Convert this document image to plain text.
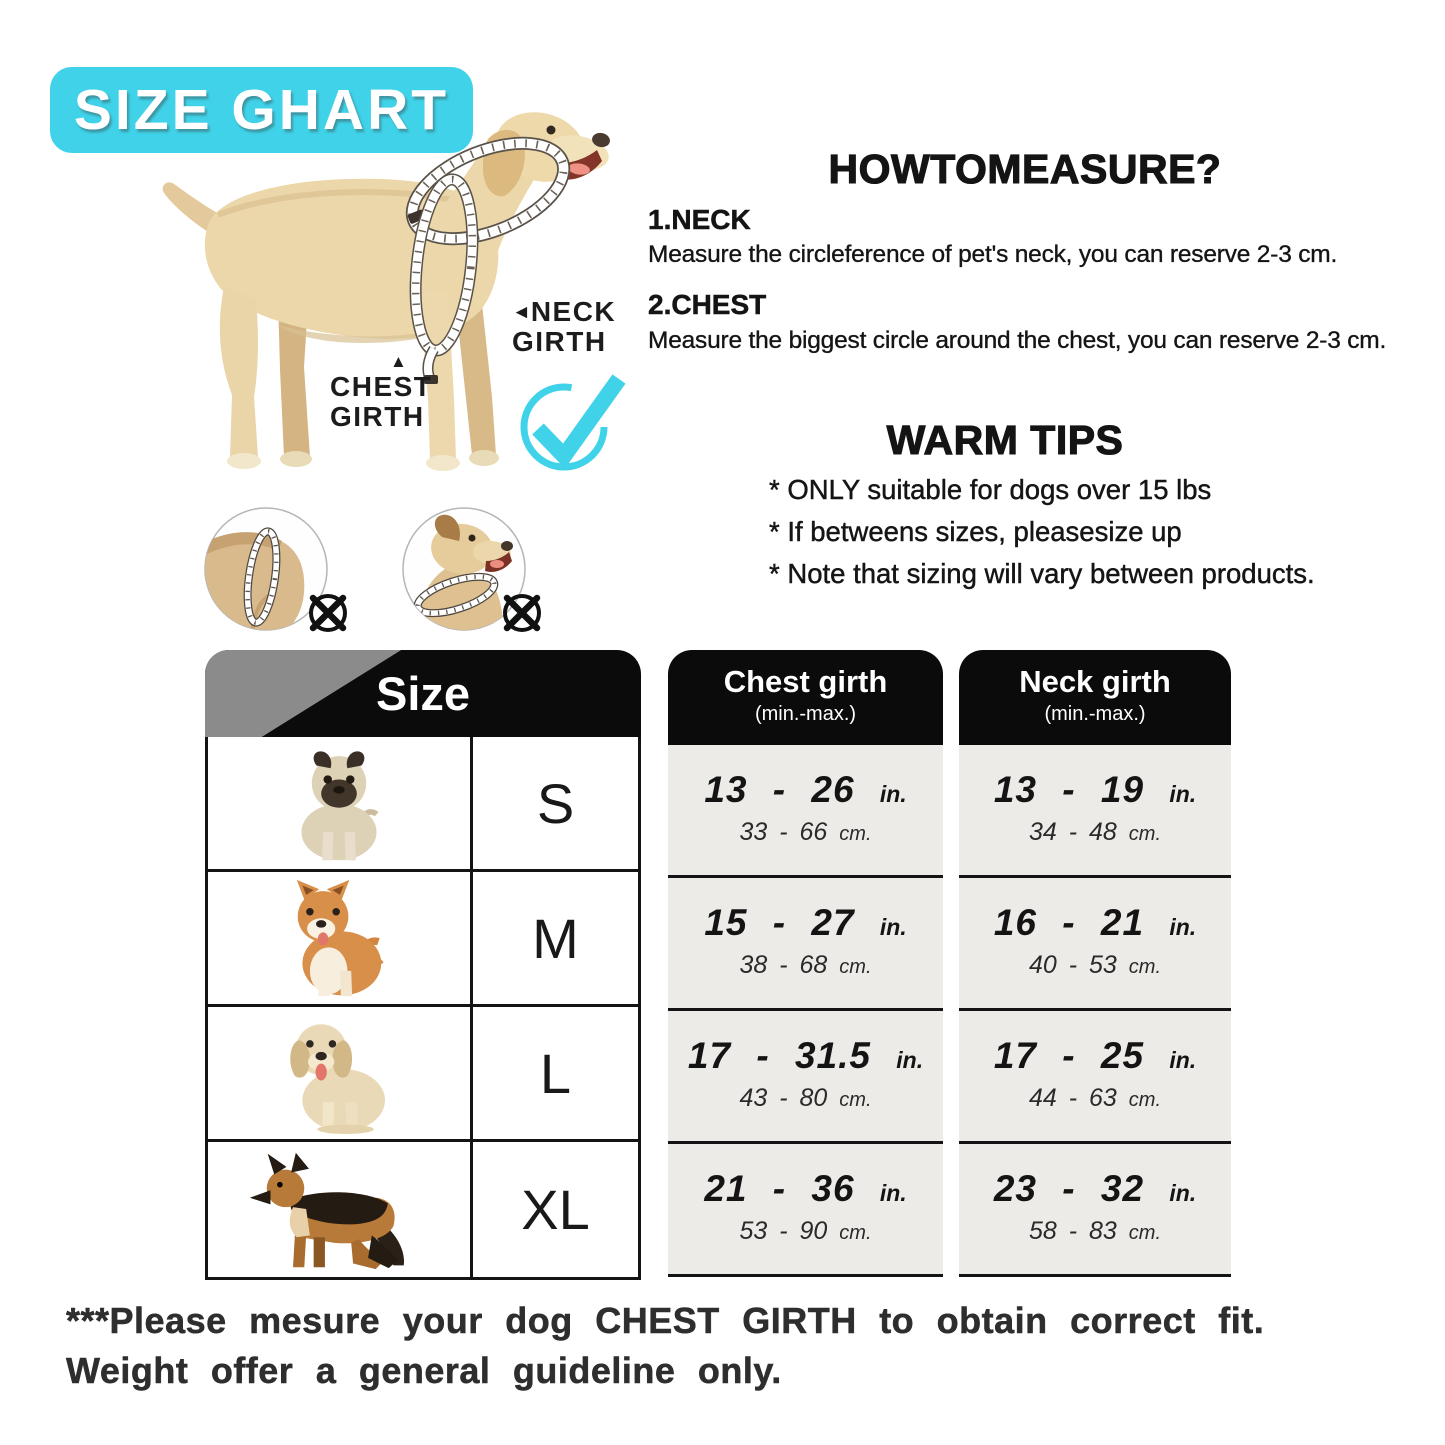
SIZE GHART
◄NECK
GIRTH
▲
CHEST
GIRTH
HOWTOMEASURE?
1.NECK
Measure the circleference of pet's neck, you can reserve 2-3 cm.
2.CHEST
Measure the biggest circle around the chest, you can reserve 2-3 cm.
WARM TIPS
* ONLY suitable for dogs over 15 lbs
* If betweens sizes, pleasesize up
* Note that sizing will vary between products.
Size
S
M
L
XL
Chest girth
(min.-max.)
13 - 26 in.
33 - 66 cm.
15 - 27 in.
38 - 68 cm.
17 - 31.5 in.
43 - 80 cm.
21 - 36 in.
53 - 90 cm.
Neck girth
(min.-max.)
13 - 19 in.
34 - 48 cm.
16 - 21 in.
40 - 53 cm.
17 - 25 in.
44 - 63 cm.
23 - 32 in.
58 - 83 cm.
***Please mesure your dog CHEST GIRTH to obtain correct fit.
Weight offer a general guideline only.
